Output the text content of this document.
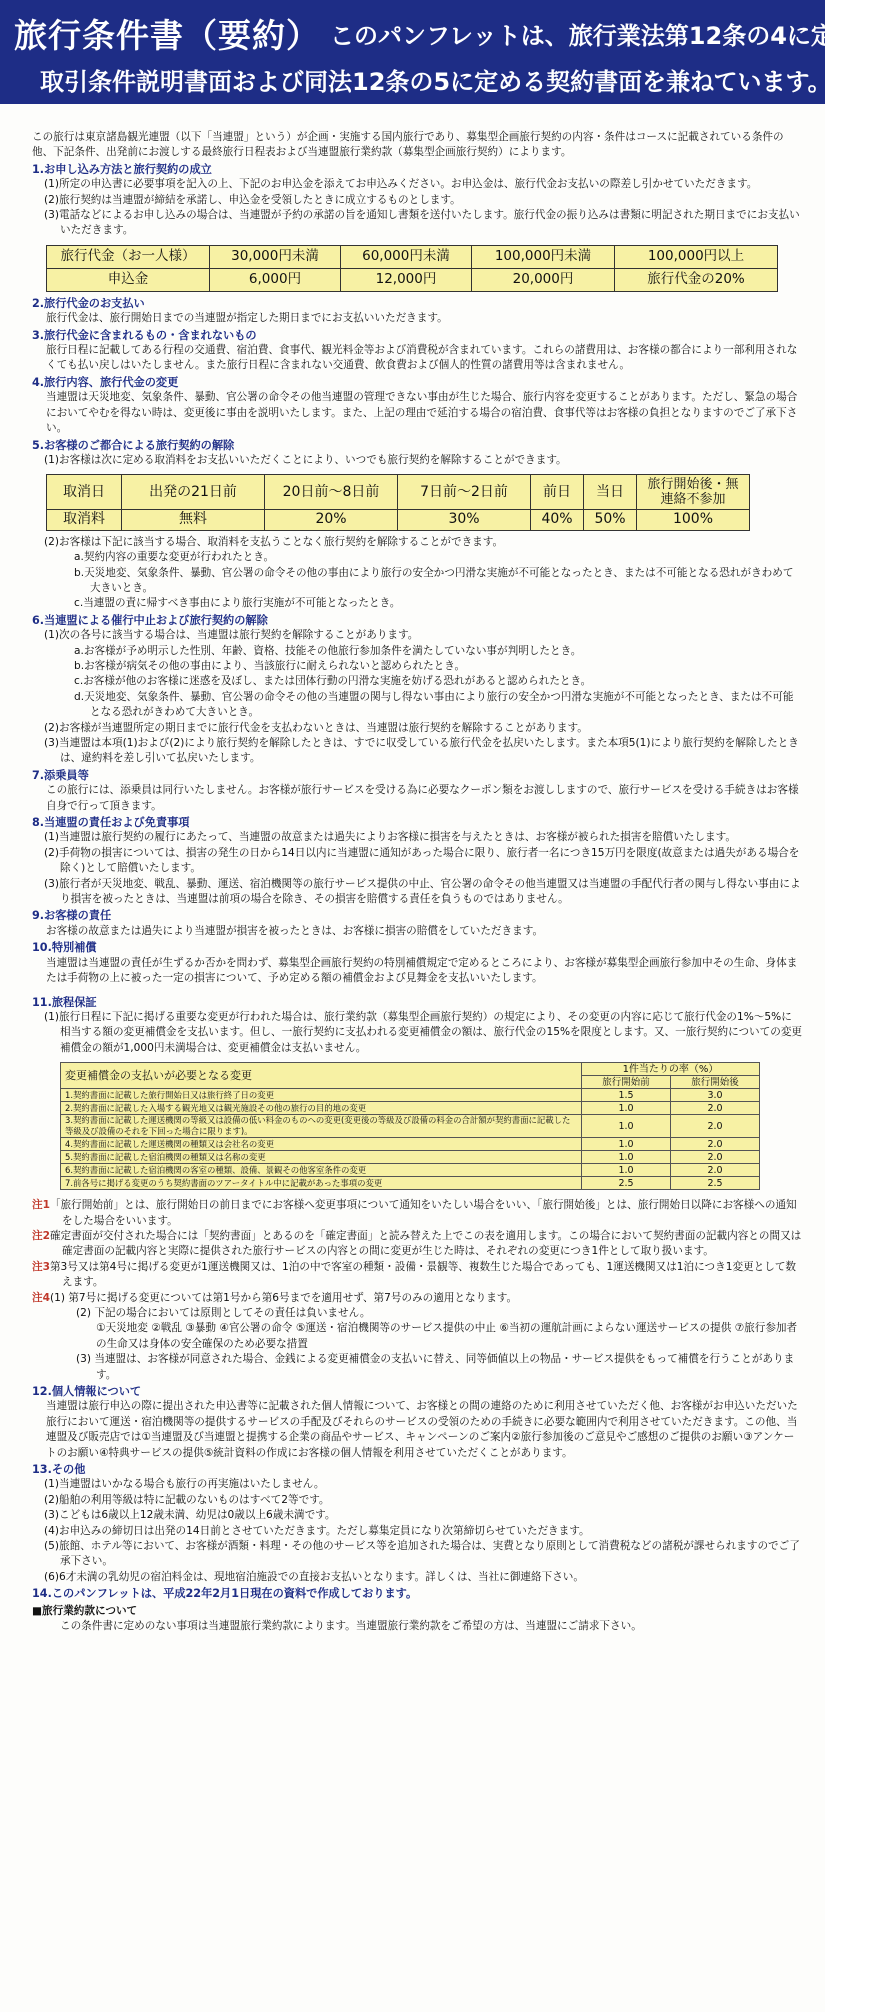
旅行条件書（要約） このパンフレットは、旅行業法第12条の4に定める
取引条件説明書面および同法12条の5に定める契約書面を兼ねています。

この旅行は東京諸島観光連盟（以下「当連盟」という）が企画・実施する国内旅行であり、募集型企画旅行契約の内容・条件はコースに記載されている条件の他、下記条件、出発前にお渡しする最終旅行日程表および当連盟旅行業約款（募集型企画旅行契約）によります。

1.お申し込み方法と旅行契約の成立

(1)所定の申込書に必要事項を記入の上、下記のお申込金を添えてお申込みください。お申込金は、旅行代金お支払いの際差し引かせていただきます。

(2)旅行契約は当連盟が締結を承諾し、申込金を受領したときに成立するものとします。

(3)電話などによるお申し込みの場合は、当連盟が予約の承諾の旨を通知し書類を送付いたします。旅行代金の振り込みは書類に明記された期日までにお支払いいただきます。

旅行代金（お一人様）	30,000円未満	60,000円未満	100,000円未満	100,000円以上
申込金	6,000円	12,000円	20,000円	旅行代金の20%

2.旅行代金のお支払い

旅行代金は、旅行開始日までの当連盟が指定した期日までにお支払いいただきます。

3.旅行代金に含まれるもの・含まれないもの

旅行日程に記載してある行程の交通費、宿泊費、食事代、観光料金等および消費税が含まれています。これらの諸費用は、お客様の都合により一部利用されなくても払い戻しはいたしません。また旅行日程に含まれない交通費、飲食費および個人的性質の諸費用等は含まれません。

4.旅行内容、旅行代金の変更

当連盟は天災地変、気象条件、暴動、官公署の命令その他当連盟の管理できない事由が生じた場合、旅行内容を変更することがあります。ただし、緊急の場合においてやむを得ない時は、変更後に事由を説明いたします。また、上記の理由で延泊する場合の宿泊費、食事代等はお客様の負担となりますのでご了承下さい。

5.お客様のご都合による旅行契約の解除

(1)お客様は次に定める取消料をお支払いいただくことにより、いつでも旅行契約を解除することができます。

取消日	出発の21日前	20日前～8日前	7日前～2日前	前日	当日	旅行開始後・無連絡不参加
取消料	無料	20%	30%	40%	50%	100%

(2)お客様は下記に該当する場合、取消料を支払うことなく旅行契約を解除することができます。

a.契約内容の重要な変更が行われたとき。

b.天災地変、気象条件、暴動、官公署の命令その他の事由により旅行の安全かつ円滑な実施が不可能となったとき、または不可能となる恐れがきわめて大きいとき。

c.当連盟の責に帰すべき事由により旅行実施が不可能となったとき。

6.当連盟による催行中止および旅行契約の解除

(1)次の各号に該当する場合は、当連盟は旅行契約を解除することがあります。

a.お客様が予め明示した性別、年齢、資格、技能その他旅行参加条件を満たしていない事が判明したとき。

b.お客様が病気その他の事由により、当該旅行に耐えられないと認められたとき。

c.お客様が他のお客様に迷惑を及ぼし、または団体行動の円滑な実施を妨げる恐れがあると認められたとき。

d.天災地変、気象条件、暴動、官公署の命令その他の当連盟の関与し得ない事由により旅行の安全かつ円滑な実施が不可能となったとき、または不可能となる恐れがきわめて大きいとき。

(2)お客様が当連盟所定の期日までに旅行代金を支払わないときは、当連盟は旅行契約を解除することがあります。

(3)当連盟は本項(1)および(2)により旅行契約を解除したときは、すでに収受している旅行代金を払戻いたします。また本項5(1)により旅行契約を解除したときは、違約料を差し引いて払戻いたします。

7.添乗員等

この旅行には、添乗員は同行いたしません。お客様が旅行サービスを受ける為に必要なクーポン類をお渡ししますので、旅行サービスを受ける手続きはお客様自身で行って頂きます。

8.当連盟の責任および免責事項

(1)当連盟は旅行契約の履行にあたって、当連盟の故意または過失によりお客様に損害を与えたときは、お客様が被られた損害を賠償いたします。

(2)手荷物の損害については、損害の発生の日から14日以内に当連盟に通知があった場合に限り、旅行者一名につき15万円を限度(故意または過失がある場合を除く)として賠償いたします。

(3)旅行者が天災地変、戦乱、暴動、運送、宿泊機関等の旅行サービス提供の中止、官公署の命令その他当連盟又は当連盟の手配代行者の関与し得ない事由により損害を被ったときは、当連盟は前項の場合を除き、その損害を賠償する責任を負うものではありません。

9.お客様の責任

お客様の故意または過失により当連盟が損害を被ったときは、お客様に損害の賠償をしていただきます。

10.特別補償

当連盟は当連盟の責任が生ずるか否かを問わず、募集型企画旅行契約の特別補償規定で定めるところにより、お客様が募集型企画旅行参加中その生命、身体または手荷物の上に被った一定の損害について、予め定める額の補償金および見舞金を支払いいたします。

11.旅程保証

(1)旅行日程に下記に掲げる重要な変更が行われた場合は、旅行業約款（募集型企画旅行契約）の規定により、その変更の内容に応じて旅行代金の1%～5%に相当する額の変更補償金を支払います。但し、一旅行契約に支払われる変更補償金の額は、旅行代金の15%を限度とします。又、一旅行契約についての変更補償金の額が1,000円未満場合は、変更補償金は支払いません。

変更補償金の支払いが必要となる変更	1件当たりの率（%）	
	旅行開始前	旅行開始後
1.契約書面に記載した旅行開始日又は旅行終了日の変更	1.5	3.0
2.契約書面に記載した入場する観光地又は観光施設その他の旅行の目的地の変更	1.0	2.0
3.契約書面に記載した運送機関の等級又は設備の低い料金のものへの変更(変更後の等級及び設備の料金の合計額が契約書面に記載した等級及び設備のそれを下回った場合に限ります)。	1.0	2.0
4.契約書面に記載した運送機関の種類又は会社名の変更	1.0	2.0
5.契約書面に記載した宿泊機関の種類又は名称の変更	1.0	2.0
6.契約書面に記載した宿泊機関の客室の種類、設備、景観その他客室条件の変更	1.0	2.0
7.前各号に掲げる変更のうち契約書面のツアータイトル中に記載があった事項の変更	2.5	2.5

注1「旅行開始前」とは、旅行開始日の前日までにお客様へ変更事項について通知をいたしい場合をいい、「旅行開始後」とは、旅行開始日以降にお客様への通知をした場合をいいます。

注2確定書面が交付された場合には「契約書面」とあるのを「確定書面」と読み替えた上でこの表を適用します。この場合において契約書面の記載内容との間又は確定書面の記載内容と実際に提供された旅行サービスの内容との間に変更が生じた時は、それぞれの変更につき1件として取り扱います。

注3第3号又は第4号に掲げる変更が1運送機関又は、1泊の中で客室の種類・設備・景観等、複数生じた場合であっても、1運送機関又は1泊につき1変更として数えます。

注4(1) 第7号に掲げる変更については第1号から第6号までを適用せず、第7号のみの適用となります。

(2) 下記の場合においては原則としてその責任は負いません。

①天災地変 ②戦乱 ③暴動 ④官公署の命令 ⑤運送・宿泊機関等のサービス提供の中止 ⑥当初の運航計画によらない運送サービスの提供 ⑦旅行参加者の生命又は身体の安全確保のため必要な措置

(3) 当連盟は、お客様が同意された場合、金銭による変更補償金の支払いに替え、同等価値以上の物品・サービス提供をもって補償を行うことがあります。

12.個人情報について

当連盟は旅行申込の際に提出された申込書等に記載された個人情報について、お客様との間の連絡のために利用させていただく他、お客様がお申込いただいた旅行において運送・宿泊機関等の提供するサービスの手配及びそれらのサービスの受領のための手続きに必要な範囲内で利用させていただきます。この他、当連盟及び販売店では①当連盟及び当連盟と提携する企業の商品やサービス、キャンペーンのご案内②旅行参加後のご意見やご感想のご提供のお願い③アンケートのお願い④特典サービスの提供⑤統計資料の作成にお客様の個人情報を利用させていただくことがあります。

13.その他

(1)当連盟はいかなる場合も旅行の再実施はいたしません。

(2)船舶の利用等級は特に記載のないものはすべて2等です。

(3)こどもは6歳以上12歳未満、幼児は0歳以上6歳未満です。

(4)お申込みの締切日は出発の14日前とさせていただきます。ただし募集定員になり次第締切らせていただきます。

(5)旅館、ホテル等において、お客様が酒類・料理・その他のサービス等を追加された場合は、実費となり原則として消費税などの諸税が課せられますのでご了承下さい。

(6)6才未満の乳幼児の宿泊料金は、現地宿泊施設での直接お支払いとなります。詳しくは、当社に御連絡下さい。

14.このパンフレットは、平成22年2月1日現在の資料で作成しております。

■旅行業約款について

この条件書に定めのない事項は当連盟旅行業約款によります。当連盟旅行業約款をご希望の方は、当連盟にご請求下さい。
